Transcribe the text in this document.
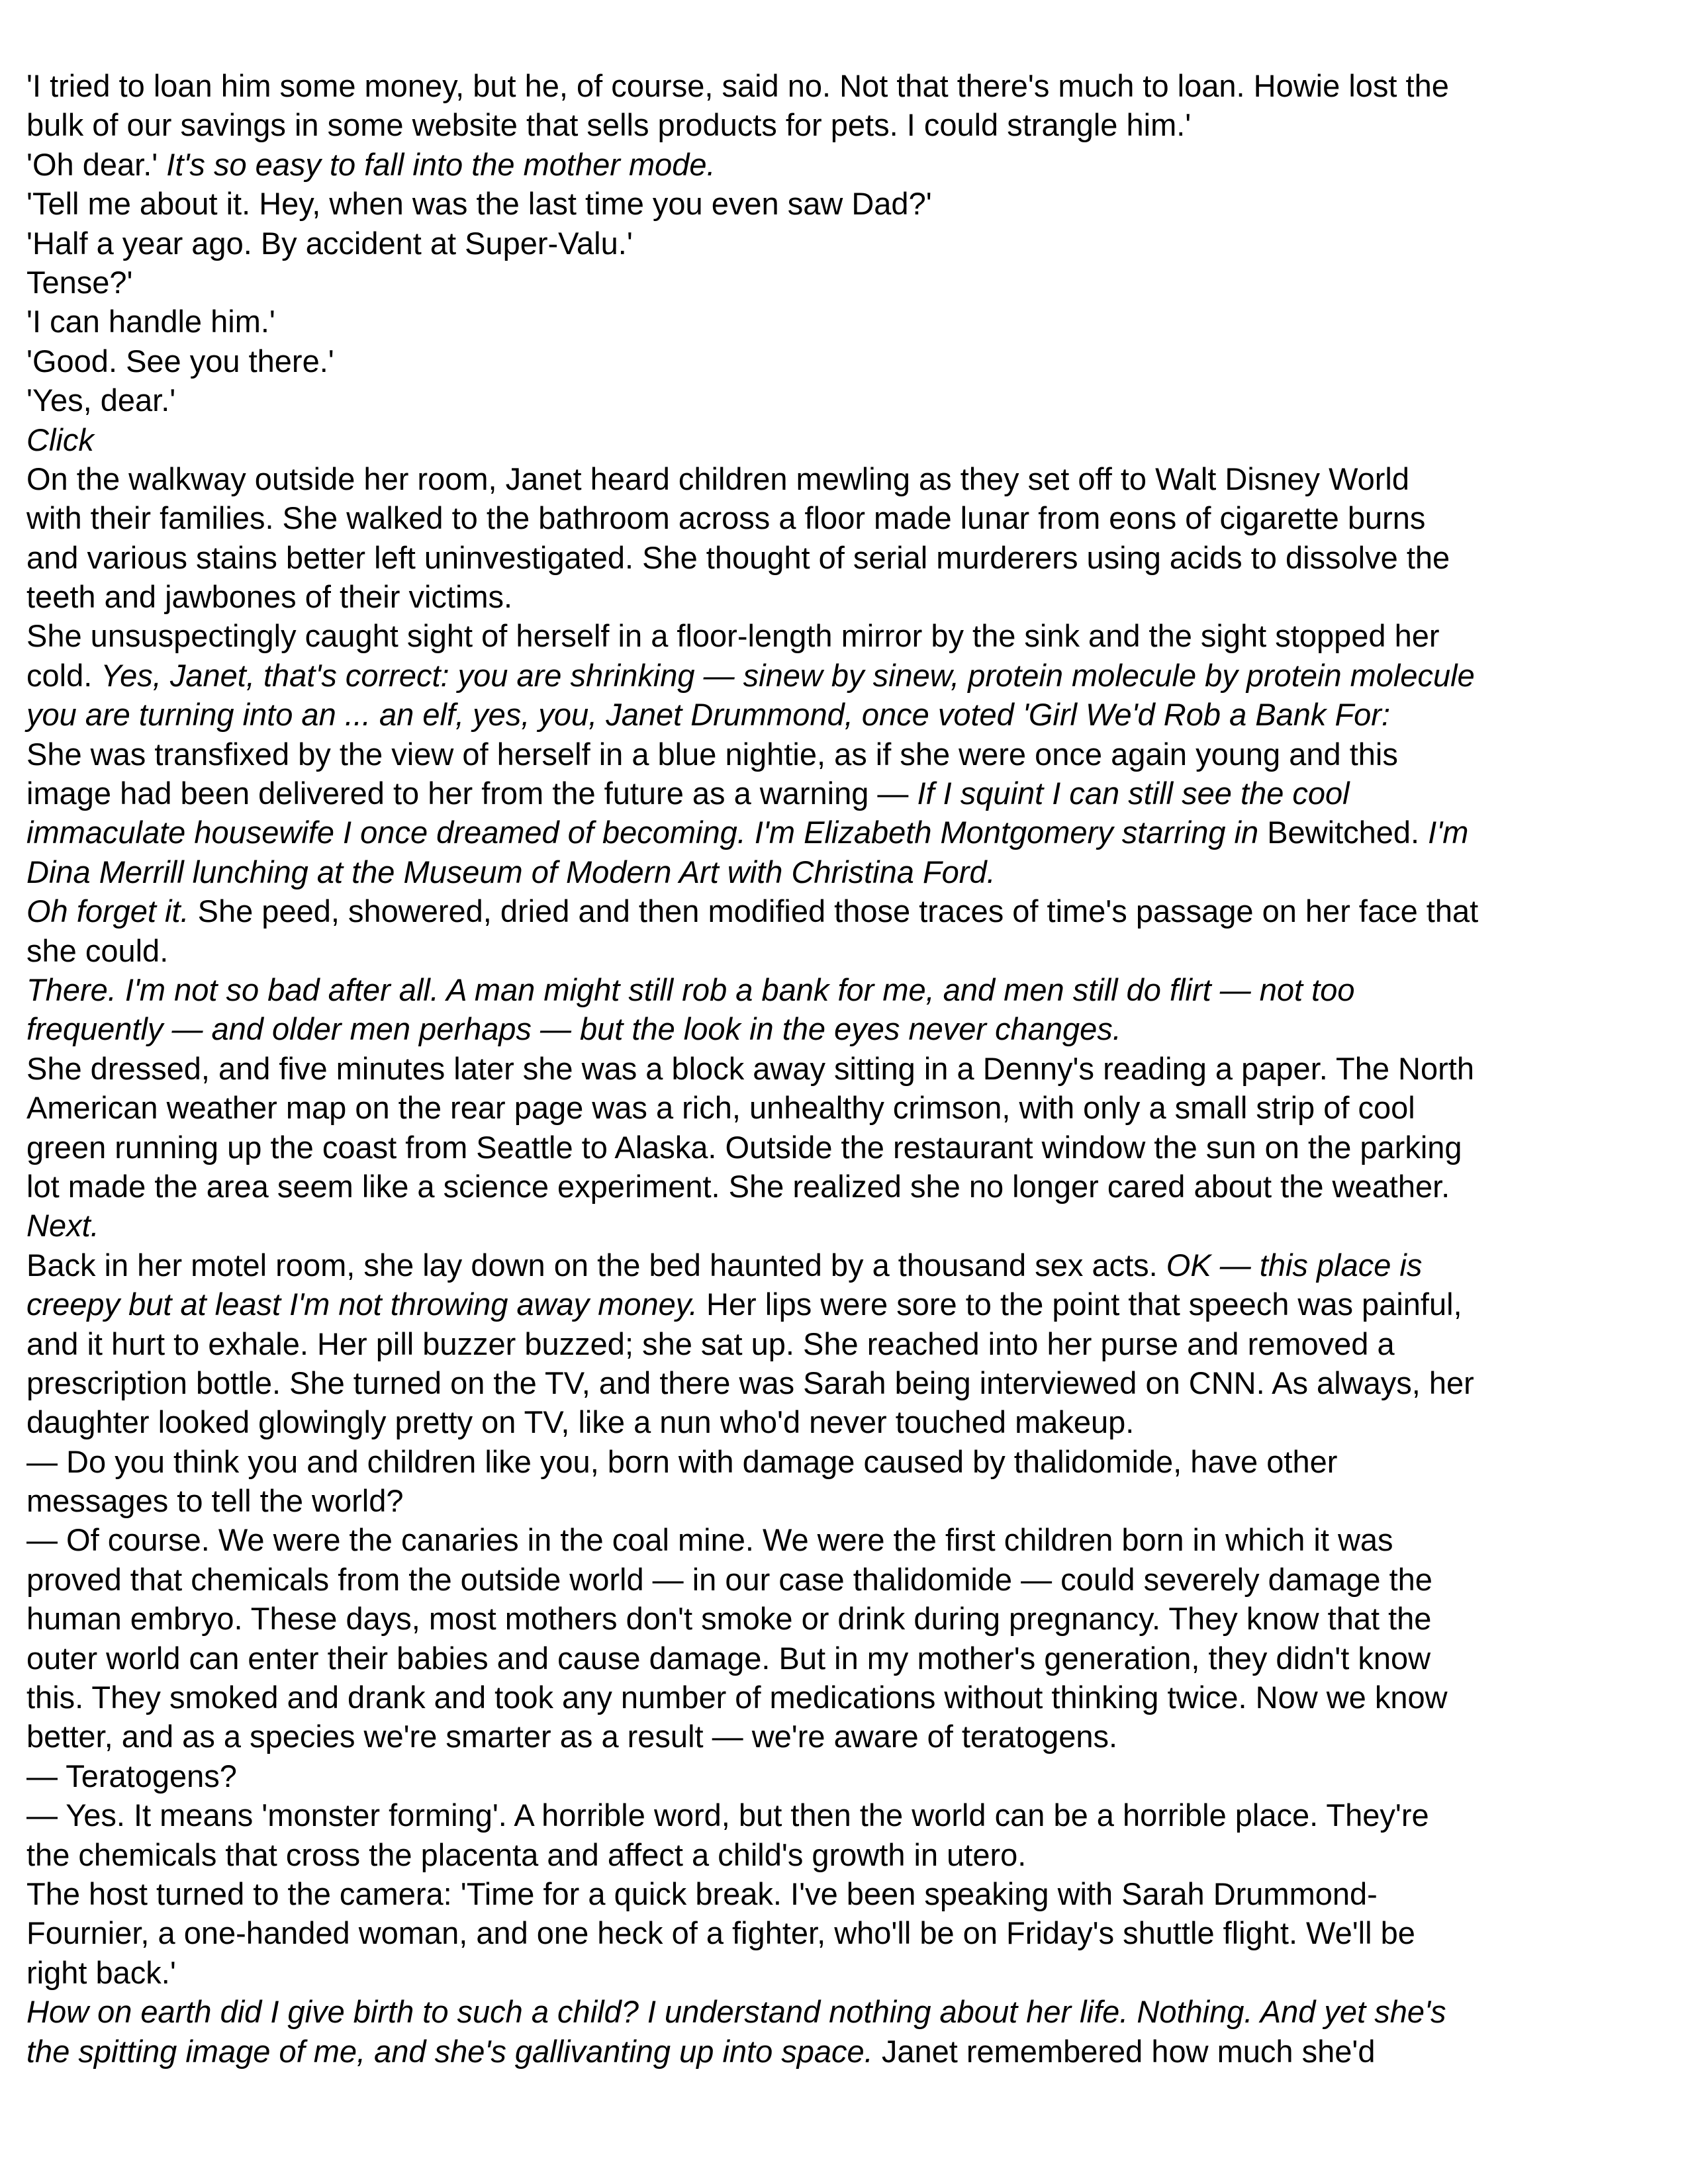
'I tried to loan him some money, but he, of course, said no. Not that there's much to loan. Howie lost the
bulk of our savings in some website that sells products for pets. I could strangle him.'
'Oh dear.' It's so easy to fall into the mother mode.
'Tell me about it. Hey, when was the last time you even saw Dad?'
'Half a year ago. By accident at Super-Valu.'
Tense?'
'I can handle him.'
'Good. See you there.'
'Yes, dear.'
Click
On the walkway outside her room, Janet heard children mewling as they set off to Walt Disney World
with their families. She walked to the bathroom across a floor made lunar from eons of cigarette burns
and various stains better left uninvestigated. She thought of serial murderers using acids to dissolve the
teeth and jawbones of their victims.
She unsuspectingly caught sight of herself in a floor-length mirror by the sink and the sight stopped her
cold. Yes, Janet, that's correct: you are shrinking — sinew by sinew, protein molecule by protein molecule
you are turning into an ... an elf, yes, you, Janet Drummond, once voted 'Girl We'd Rob a Bank For:
She was transfixed by the view of herself in a blue nightie, as if she were once again young and this
image had been delivered to her from the future as a warning — If I squint I can still see the cool
immaculate housewife I once dreamed of becoming. I'm Elizabeth Montgomery starring in Bewitched. I'm
Dina Merrill lunching at the Museum of Modern Art with Christina Ford.
Oh forget it. She peed, showered, dried and then modified those traces of time's passage on her face that
she could.
There. I'm not so bad after all. A man might still rob a bank for me, and men still do flirt — not too
frequently — and older men perhaps — but the look in the eyes never changes.
She dressed, and five minutes later she was a block away sitting in a Denny's reading a paper. The North
American weather map on the rear page was a rich, unhealthy crimson, with only a small strip of cool
green running up the coast from Seattle to Alaska. Outside the restaurant window the sun on the parking
lot made the area seem like a science experiment. She realized she no longer cared about the weather.
Next.
Back in her motel room, she lay down on the bed haunted by a thousand sex acts. OK — this place is
creepy but at least I'm not throwing away money. Her lips were sore to the point that speech was painful,
and it hurt to exhale. Her pill buzzer buzzed; she sat up. She reached into her purse and removed a
prescription bottle. She turned on the TV, and there was Sarah being interviewed on CNN. As always, her
daughter looked glowingly pretty on TV, like a nun who'd never touched makeup.
— Do you think you and children like you, born with damage caused by thalidomide, have other
messages to tell the world?
— Of course. We were the canaries in the coal mine. We were the first children born in which it was
proved that chemicals from the outside world — in our case thalidomide — could severely damage the
human embryo. These days, most mothers don't smoke or drink during pregnancy. They know that the
outer world can enter their babies and cause damage. But in my mother's generation, they didn't know
this. They smoked and drank and took any number of medications without thinking twice. Now we know
better, and as a species we're smarter as a result — we're aware of teratogens.
— Teratogens?
— Yes. It means 'monster forming'. A horrible word, but then the world can be a horrible place. They're
the chemicals that cross the placenta and affect a child's growth in utero.
The host turned to the camera: 'Time for a quick break. I've been speaking with Sarah Drummond-
Fournier, a one-handed woman, and one heck of a fighter, who'll be on Friday's shuttle flight. We'll be
right back.'
How on earth did I give birth to such a child? I understand nothing about her life. Nothing. And yet she's
the spitting image of me, and she's gallivanting up into space. Janet remembered how much she'd
